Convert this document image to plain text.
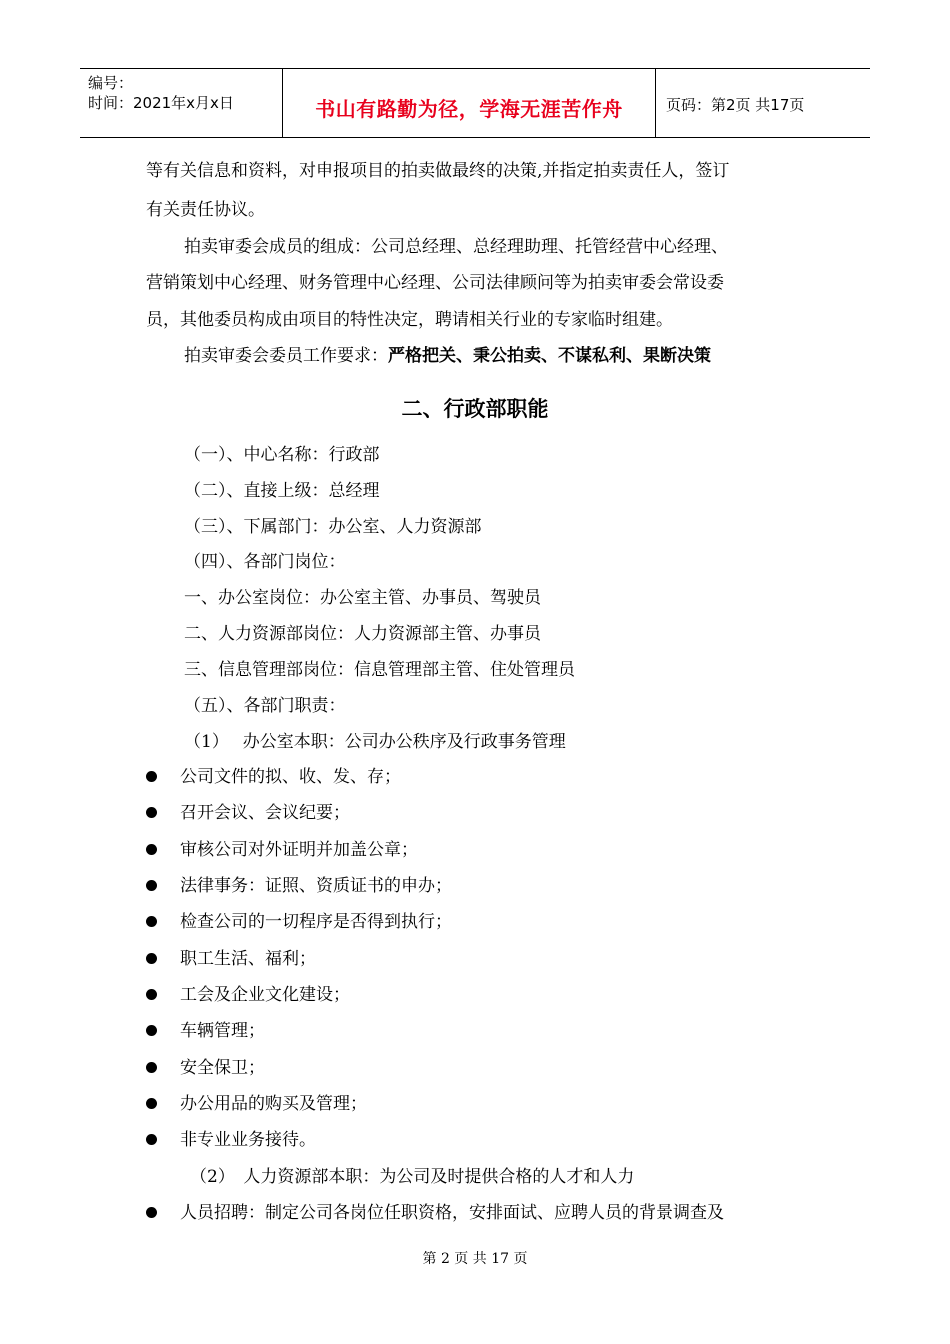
编号：
时间：2021年x月x日	书山有路勤为径，学海无涯苦作舟	页码：第2页 共17页
等有关信息和资料，对申报项目的拍卖做最终的决策,并指定拍卖责任人，签订
有关责任协议。
拍卖审委会成员的组成：公司总经理、总经理助理、托管经营中心经理、
营销策划中心经理、财务管理中心经理、公司法律顾问等为拍卖审委会常设委
员，其他委员构成由项目的特性决定，聘请相关行业的专家临时组建。
拍卖审委会委员工作要求：严格把关、秉公拍卖、不谋私利、果断决策
二、行政部职能
（一）、中心名称：行政部
（二）、直接上级：总经理
（三）、下属部门：办公室、人力资源部
（四）、各部门岗位：
一、办公室岗位：办公室主管、办事员、驾驶员
二、人力资源部岗位：人力资源部主管、办事员
三、信息管理部岗位：信息管理部主管、住处管理员
（五）、各部门职责：
（1）　 办公室本职：公司办公秩序及行政事务管理
公司文件的拟、收、发、存；
召开会议、会议纪要；
审核公司对外证明并加盖公章；
法律事务：证照、资质证书的申办；
检查公司的一切程序是否得到执行；
职工生活、福利；
工会及企业文化建设；
车辆管理；
安全保卫；
办公用品的购买及管理；
非专业业务接待。
（2）　人力资源部本职：为公司及时提供合格的人才和人力
人员招聘：制定公司各岗位任职资格，安排面试、应聘人员的背景调查及
第 2 页 共 17 页
